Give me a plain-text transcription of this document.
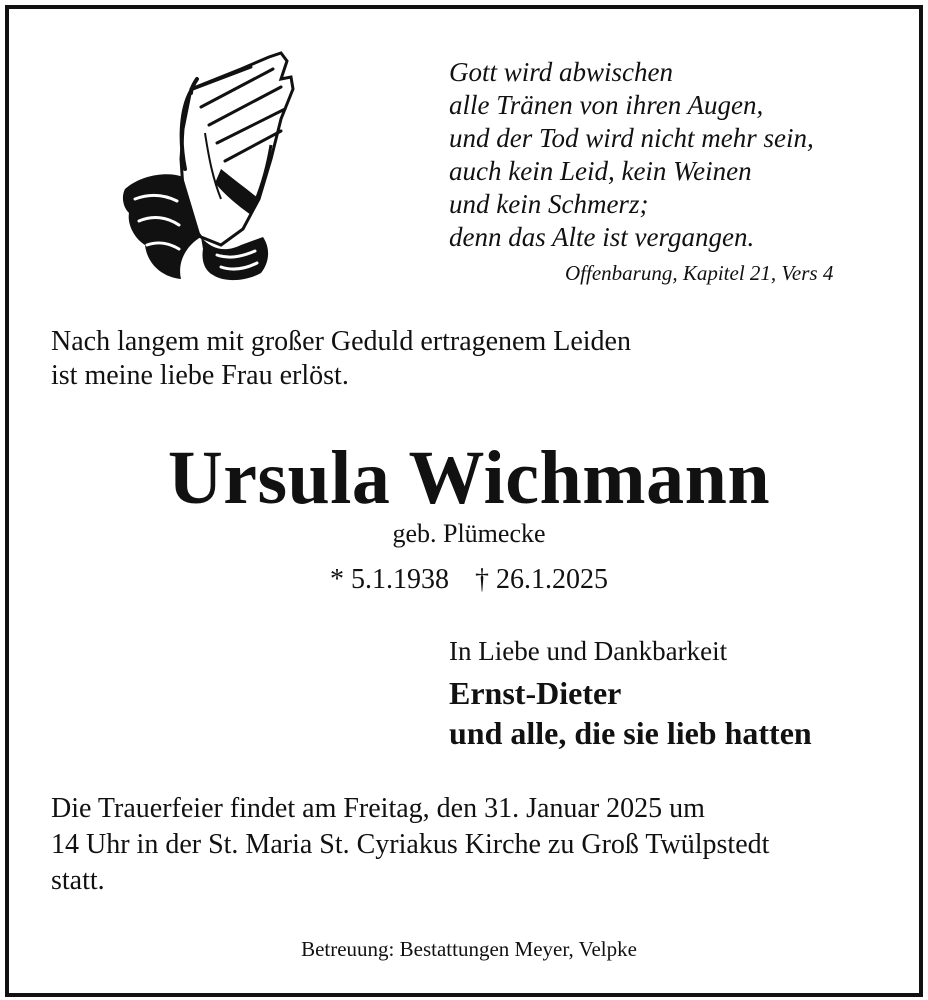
Gott wird abwischen
alle Tränen von ihren Augen,
und der Tod wird nicht mehr sein,
auch kein Leid, kein Weinen
und kein Schmerz;
denn das Alte ist vergangen.
Offenbarung, Kapitel 21, Vers 4
Nach langem mit großer Geduld ertragenem Leiden
ist meine liebe Frau erlöst.
Ursula Wichmann
geb. Plümecke
* 5.1.1938 † 26.1.2025
In Liebe und Dankbarkeit
Ernst-Dieter
und alle, die sie lieb hatten
Die Trauerfeier findet am Freitag, den 31. Januar 2025 um
14 Uhr in der St. Maria St. Cyriakus Kirche zu Groß Twülpstedt
statt.
Betreuung: Bestattungen Meyer, Velpke
